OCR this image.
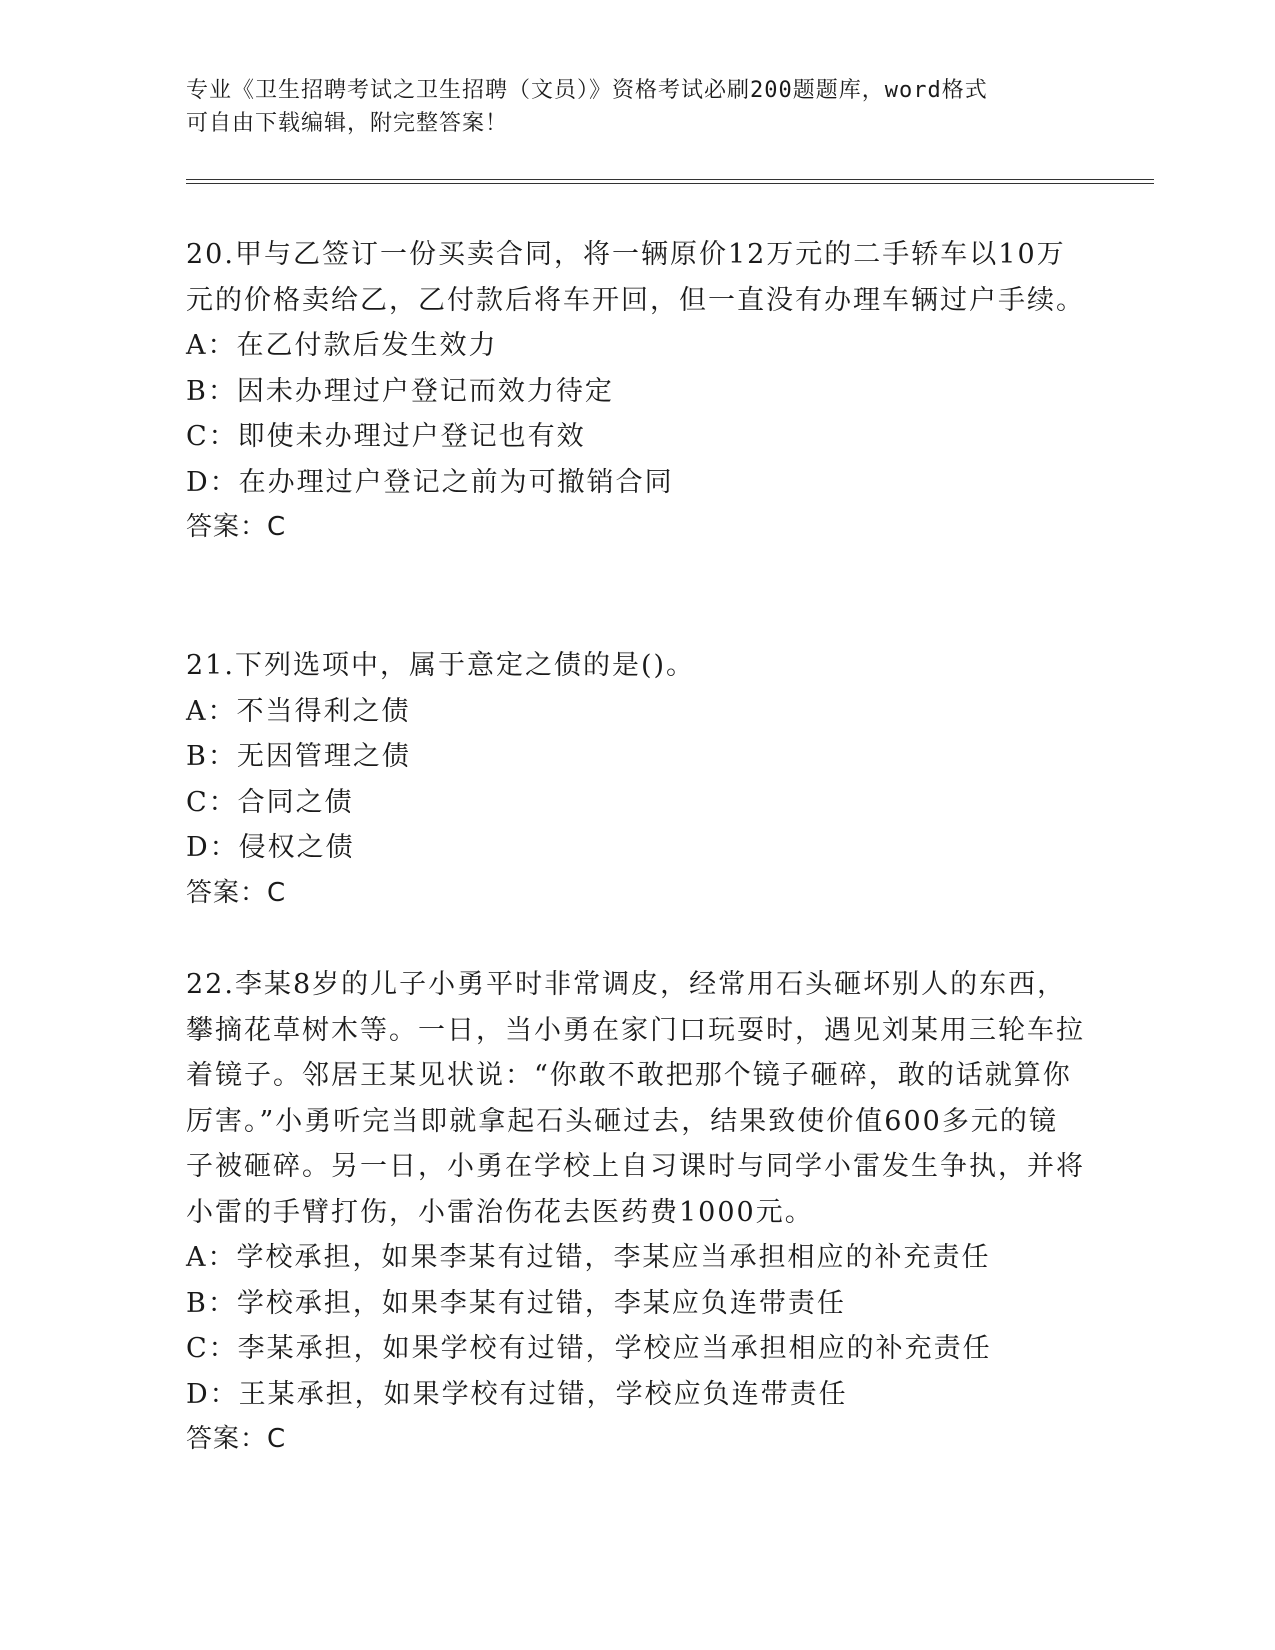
专业《卫生招聘考试之卫生招聘（文员）》资格考试必刷200题题库，word格式
可自由下载编辑，附完整答案！

20.甲与乙签订一份买卖合同，将一辆原价12万元的二手轿车以10万元的价格卖给乙，乙付款后将车开回，但一直没有办理车辆过户手续。

A：在乙付款后发生效力

B：因未办理过户登记而效力待定

C：即使未办理过户登记也有效

D：在办理过户登记之前为可撤销合同

答案：C

21.下列选项中，属于意定之债的是()。

A：不当得利之债

B：无因管理之债

C：合同之债

D：侵权之债

答案：C

22.李某8岁的儿子小勇平时非常调皮，经常用石头砸坏别人的东西，攀摘花草树木等。一日，当小勇在家门口玩耍时，遇见刘某用三轮车拉着镜子。邻居王某见状说：“你敢不敢把那个镜子砸碎，敢的话就算你厉害。”小勇听完当即就拿起石头砸过去，结果致使价值600多元的镜子被砸碎。另一日，小勇在学校上自习课时与同学小雷发生争执，并将小雷的手臂打伤，小雷治伤花去医药费1000元。

A：学校承担，如果李某有过错，李某应当承担相应的补充责任

B：学校承担，如果李某有过错，李某应负连带责任

C：李某承担，如果学校有过错，学校应当承担相应的补充责任

D：王某承担，如果学校有过错，学校应负连带责任

答案：C
